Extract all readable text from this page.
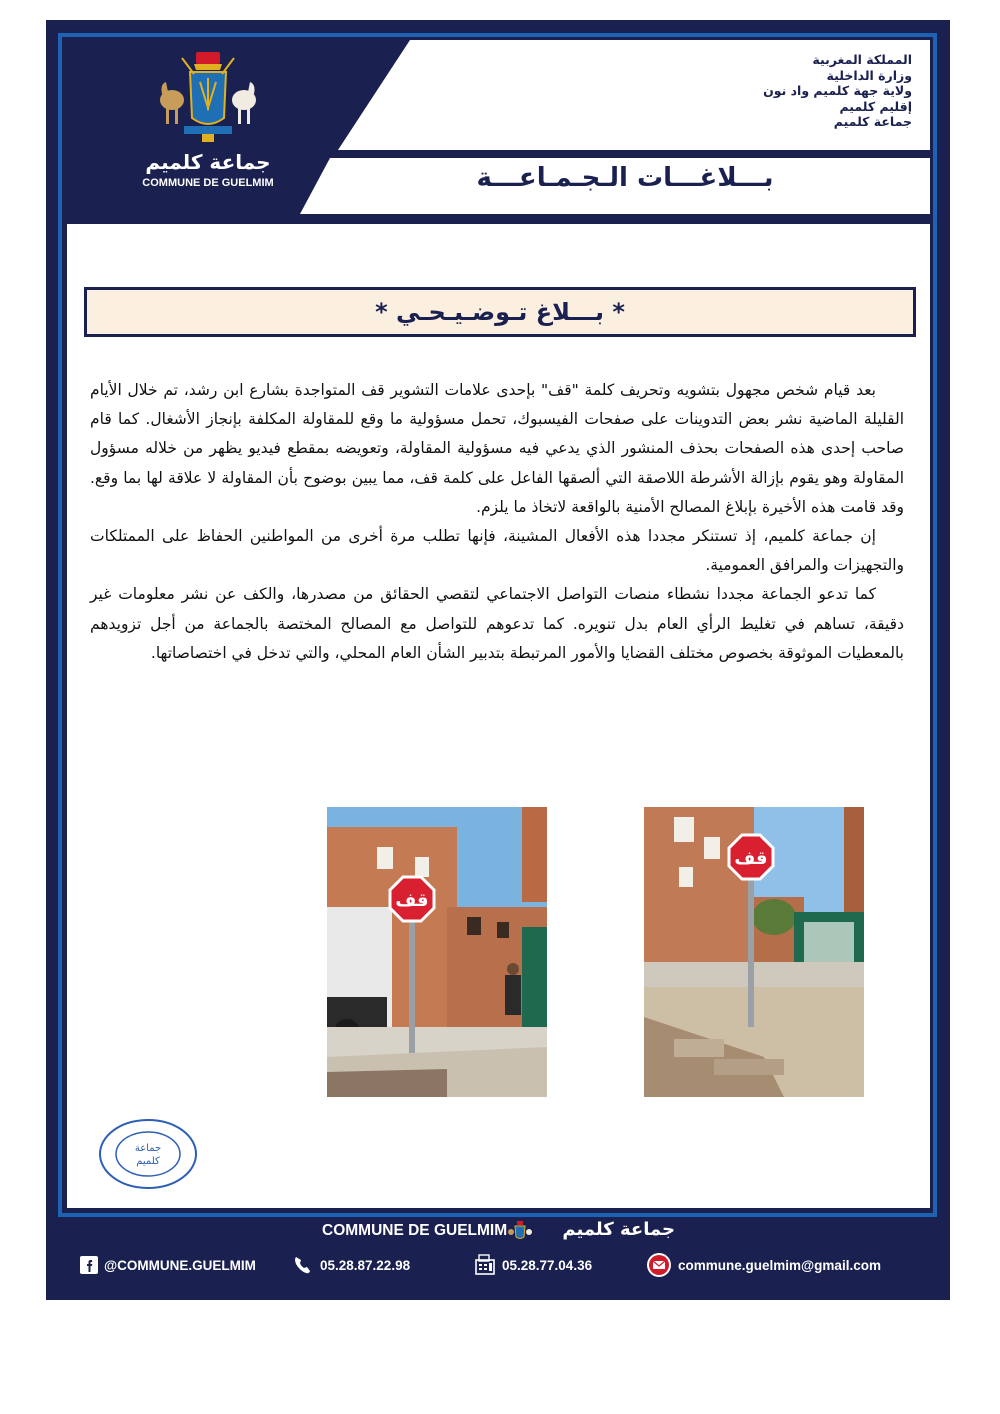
المملكة المغربية
وزارة الداخلية
ولاية جهة كلميم واد نون
إقليم كلميم
جماعة كلميم
بـــلاغـــات الـجـمـاعـــة
جماعة كلميم
COMMUNE DE GUELMIM
* بـــلاغ تـوضـيـحـي *

بعد قيام شخص مجهول بتشويه وتحريف كلمة "قف" بإحدى علامات التشوير قف المتواجدة بشارع ابن رشد، تم خلال الأيام القليلة الماضية نشر بعض التدوينات على صفحات الفيسبوك، تحمل مسؤولية ما وقع للمقاولة المكلفة بإنجاز الأشغال. كما قام صاحب إحدى هذه الصفحات بحذف المنشور الذي يدعي فيه مسؤولية المقاولة، وتعويضه بمقطع فيديو يظهر من خلاله مسؤول المقاولة وهو يقوم بإزالة الأشرطة اللاصقة التي ألصقها الفاعل على كلمة قف، مما يبين بوضوح بأن المقاولة لا علاقة لها بما وقع. وقد قامت هذه الأخيرة بإبلاغ المصالح الأمنية بالواقعة لاتخاذ ما يلزم.

إن جماعة كلميم، إذ تستنكر مجددا هذه الأفعال المشينة، فإنها تطلب مرة أخرى من المواطنين الحفاظ على الممتلكات والتجهيزات والمرافق العمومية.

كما تدعو الجماعة مجددا نشطاء منصات التواصل الاجتماعي لتقصي الحقائق من مصدرها، والكف عن نشر معلومات غير دقيقة، تساهم في تغليط الرأي العام بدل تنويره. كما تدعوهم للتواصل مع المصالح المختصة بالجماعة من أجل تزويدهم بالمعطيات الموثوقة بخصوص مختلف القضايا والأمور المرتبطة بتدبير الشأن العام المحلي، والتي تدخل في اختصاصاتها.

قف
قف
جماعة
كلميم
COMMUNE DE GUELMIM	جماعة كلميم
@COMMUNE.GUELMIM	05.28.87.22.98	05.28.77.04.36	commune.guelmim@gmail.com
